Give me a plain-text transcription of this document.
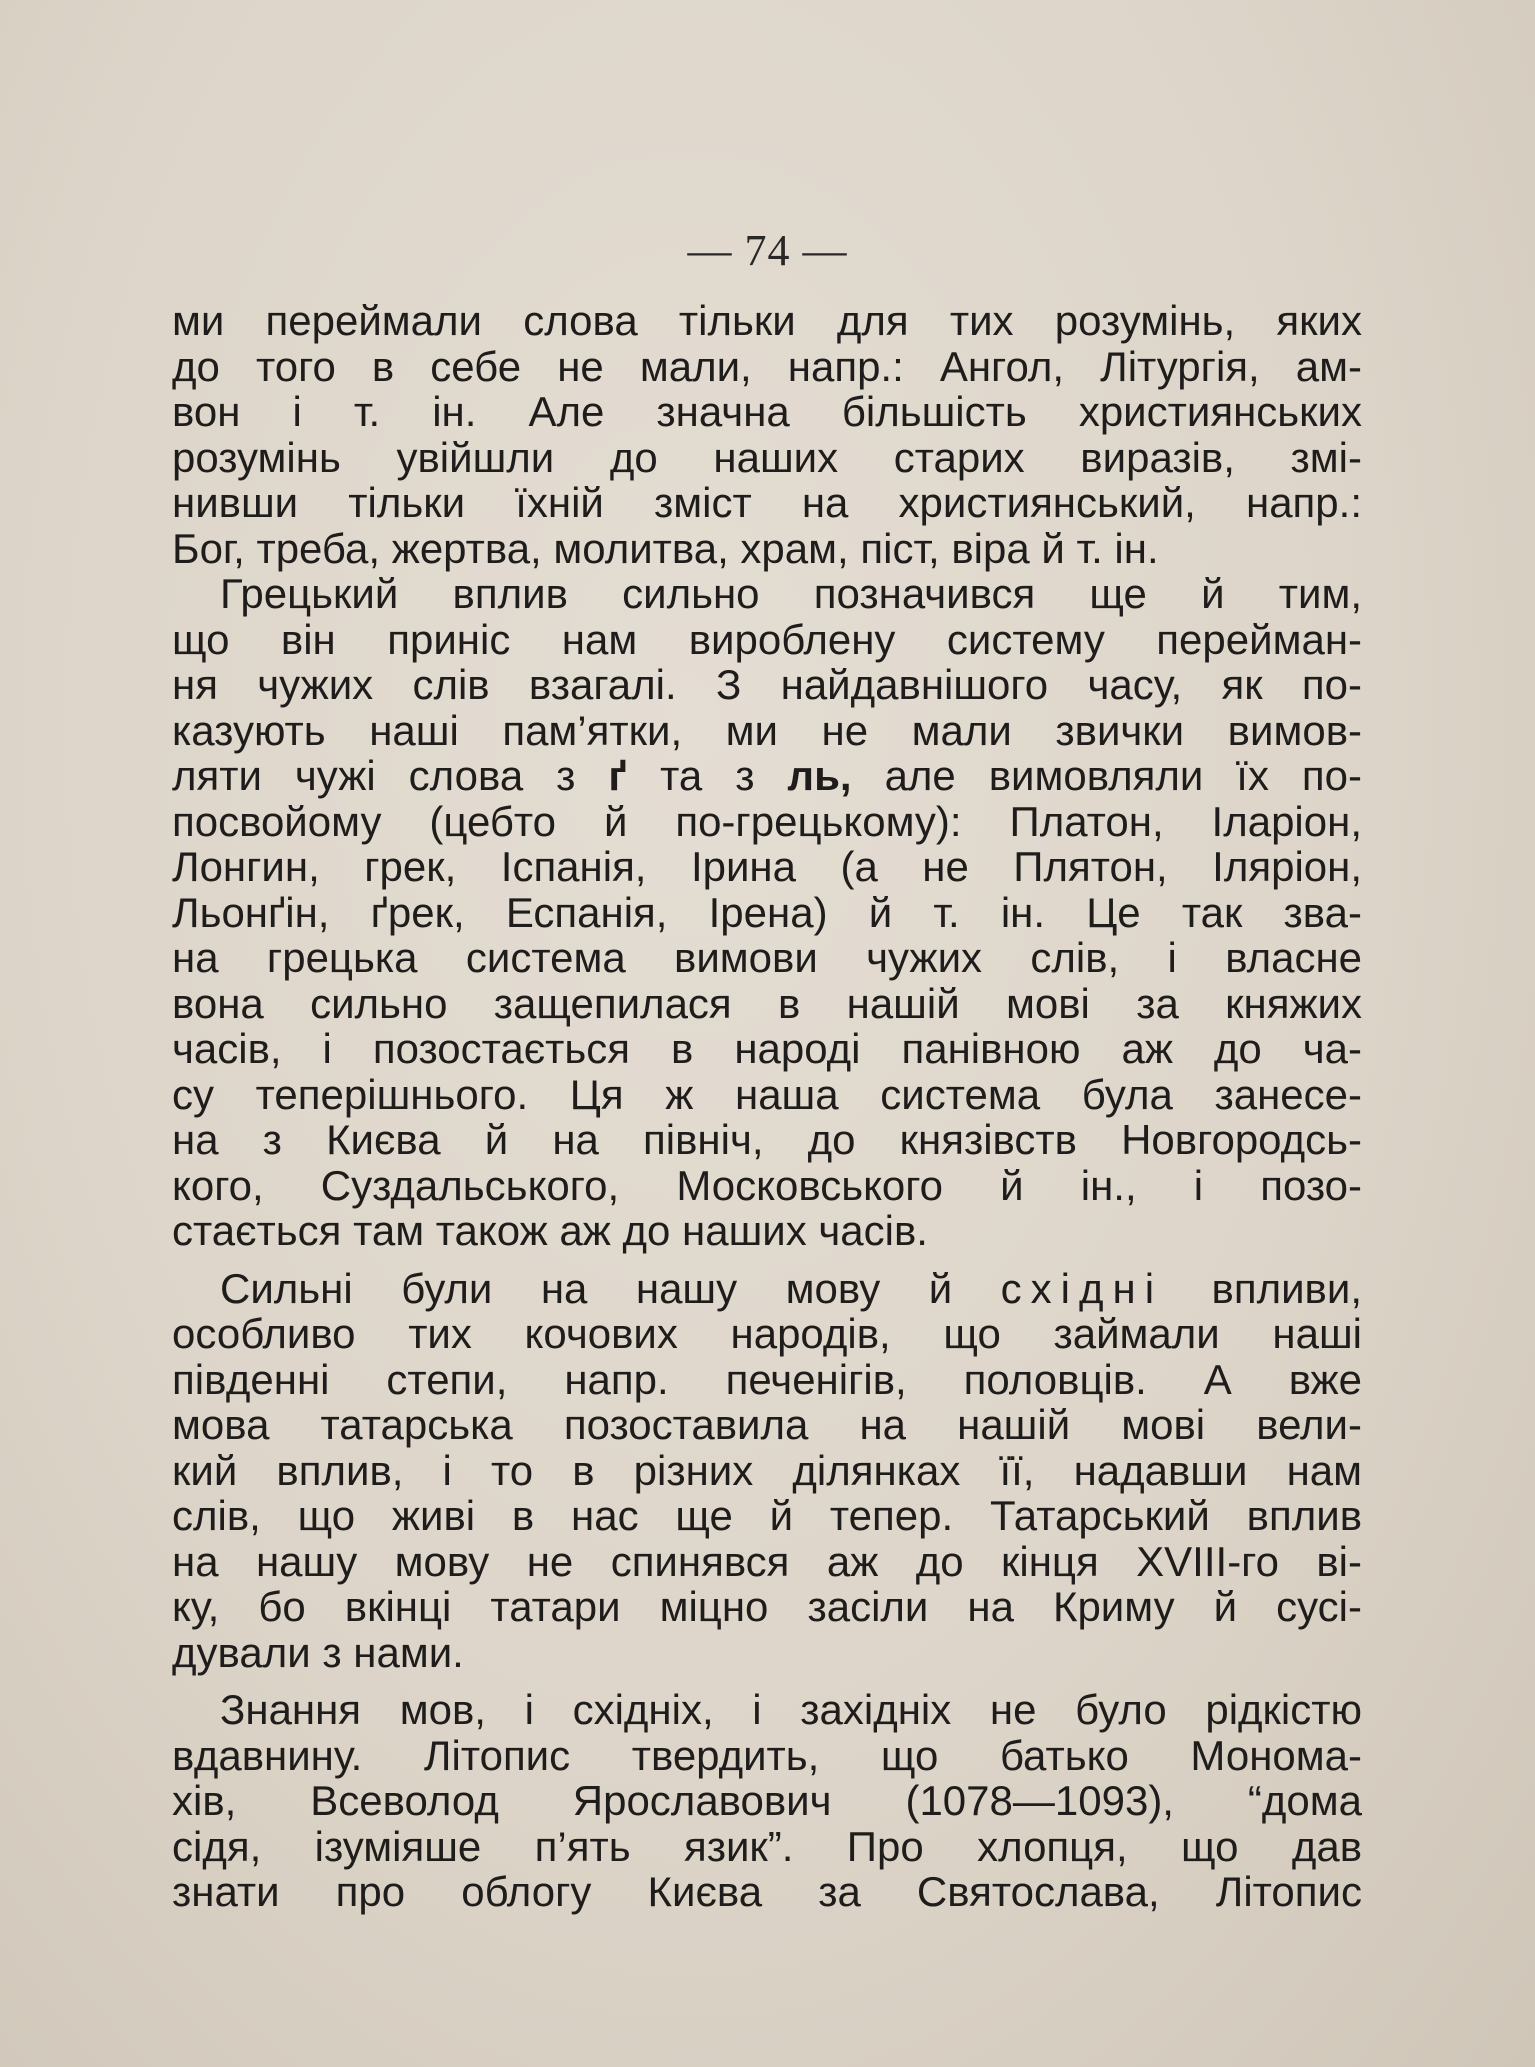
— 74 —
ми переймали слова тільки для тих розумінь, яких
до того в себе не мали, напр.: Ангол, Літургія, ам-
вон і т. ін. Але значна більшість християнських
розумінь увійшли до наших старих виразів, змі-
нивши тільки їхній зміст на християнський, напр.:
Бог, треба, жертва, молитва, храм, піст, віра й т. ін.
Грецький вплив сильно позначився ще й тим,
що він приніс нам вироблену систему перейман-
ня чужих слів взагалі. З найдавнішого часу, як по-
казують наші пам’ятки, ми не мали звички вимов-
ляти чужі слова з ґ та з ль, але вимовляли їх по-
посвойому (цебто й по-грецькому): Платон, Іларіон,
Лонгин, грек, Іспанія, Ірина (а не Плятон, Іляріон,
Льонґін, ґрек, Еспанія, Ірена) й т. ін. Це так зва-
на грецька система вимови чужих слів, і власне
вона сильно защепилася в нашій мові за княжих
часів, і позостається в народі панівною аж до ча-
су теперішнього. Ця ж наша система була занесе-
на з Києва й на північ, до князівств Новгородсь-
кого, Суздальського, Московського й ін., і позо-
стається там також аж до наших часів.
Сильні були на нашу мову й східні впливи,
особливо тих кочових народів, що займали наші
південні степи, напр. печенігів, половців. А вже
мова татарська позоставила на нашій мові вели-
кий вплив, і то в різних ділянках її, надавши нам
слів, що живі в нас ще й тепер. Татарський вплив
на нашу мову не спинявся аж до кінця XVIII-го ві-
ку, бо вкінці татари міцно засіли на Криму й сусі-
дували з нами.
Знання мов, і східніх, і західніх не було рідкістю
вдавнину. Літопис твердить, що батько Монома-
хів, Всеволод Ярославович (1078—1093), “дома
сідя, ізуміяше п’ять язик”. Про хлопця, що дав
знати про облогу Києва за Святослава, Літопис
